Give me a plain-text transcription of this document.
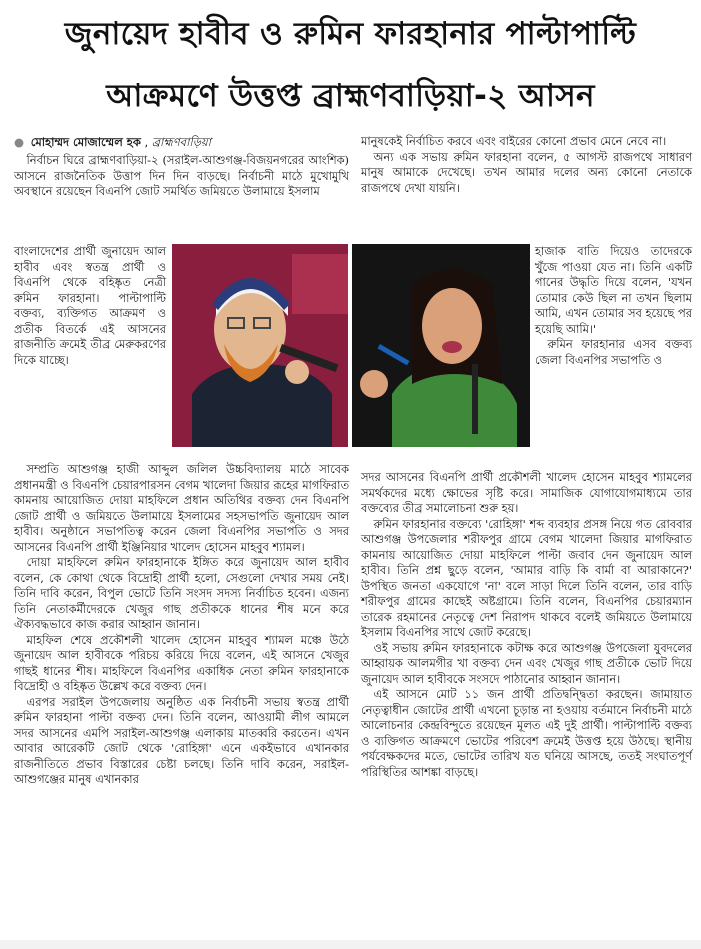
জুনায়েদ হাবীব ও রুমিন ফারহানার পাল্টাপাল্টি
আক্রমণে উত্তপ্ত ব্রাহ্মণবাড়িয়া-২ আসন
● মোহাম্মদ মোজাম্মেল হক , ব্রাহ্মণবাড়িয়া

নির্বাচন ঘিরে ব্রাহ্মণবাড়িয়া-২ (সরাইল-আশুগঞ্জ-বিজয়নগরের আংশিক) আসনে রাজনৈতিক উত্তাপ দিন দিন বাড়ছে। নির্বাচনী মাঠে মুখোমুখি অবস্থানে রয়েছেন বিএনপি জোট সমর্থিত জমিয়তে উলামায়ে ইসলাম

বাংলাদেশের প্রার্থী জুনায়েদ আল হাবীব এবং স্বতন্ত্র প্রার্থী ও বিএনপি থেকে বহিষ্কৃত নেত্রী রুমিন ফারহানা। পাল্টাপাল্টি বক্তব্য, ব্যক্তিগত আক্রমণ ও প্রতীক বিতর্কে এই আসনের রাজনীতি ক্রমেই তীব্র মেরুকরণের দিকে যাচ্ছে।

সম্প্রতি আশুগঞ্জ হাজী আব্দুল জলিল উচ্চবিদ্যালয় মাঠে সাবেক প্রধানমন্ত্রী ও বিএনপি চেয়ারপারসন বেগম খালেদা জিয়ার রূহের মাগফিরাত কামনায় আয়োজিত দোয়া মাহফিলে প্রধান অতিথির বক্তব্য দেন বিএনপি জোট প্রার্থী ও জমিয়তে উলামায়ে ইসলামের সহসভাপতি জুনায়েদ আল হাবীব। অনুষ্ঠানে সভাপতিত্ব করেন জেলা বিএনপির সভাপতি ও সদর আসনের বিএনপি প্রার্থী ইঞ্জিনিয়ার খালেদ হোসেন মাহবুব শ্যামল।

দোয়া মাহফিলে রুমিন ফারহানাকে ইঙ্গিত করে জুনায়েদ আল হাবীব বলেন, কে কোথা থেকে বিদ্রোহী প্রার্থী হলো, সেগুলো দেখার সময় নেই। তিনি দাবি করেন, বিপুল ভোটে তিনি সংসদ সদস্য নির্বাচিত হবেন। এজন্য তিনি নেতাকর্মীদেরকে খেজুর গাছ প্রতীককে ধানের শীষ মনে করে ঐক্যবদ্ধভাবে কাজ করার আহ্বান জানান।

মাহফিল শেষে প্রকৌশলী খালেদ হোসেন মাহবুব শ্যামল মঞ্চে উঠে জুনায়েদ আল হাবীবকে পরিচয় করিয়ে দিয়ে বলেন, এই আসনে খেজুর গাছই ধানের শীষ। মাহফিলে বিএনপির একাধিক নেতা রুমিন ফারহানাকে বিদ্রোহী ও বহিষ্কৃত উল্লেখ করে বক্তব্য দেন।

এরপর সরাইল উপজেলায় অনুষ্ঠিত এক নির্বাচনী সভায় স্বতন্ত্র প্রার্থী রুমিন ফারহানা পাল্টা বক্তব্য দেন। তিনি বলেন, আওয়ামী লীগ আমলে সদর আসনের এমপি সরাইল-আশুগঞ্জ এলাকায় মাতব্বরি করতেন। এখন আবার আরেকটি জোট থেকে 'রোহিঙ্গা' এনে একইভাবে এখানকার রাজনীতিতে প্রভাব বিস্তারের চেষ্টা চলছে। তিনি দাবি করেন, সরাইল-আশুগঞ্জের মানুষ এখানকার

মানুষকেই নির্বাচিত করবে এবং বাইরের কোনো প্রভাব মেনে নেবে না।

অন্য এক সভায় রুমিন ফারহানা বলেন, ৫ আগস্ট রাজপথে সাধারণ মানুষ আমাকে দেখেছে। তখন আমার দলের অন্য কোনো নেতাকে রাজপথে দেখা যায়নি।

হাজাক বাতি দিয়েও তাদেরকে খুঁজে পাওয়া যেত না। তিনি একটি গানের উদ্ধৃতি দিয়ে বলেন, 'যখন তোমার কেউ ছিল না তখন ছিলাম আমি, এখন তোমার সব হয়েছে পর হয়েছি আমি।'

রুমিন ফারহানার এসব বক্তব্য জেলা বিএনপির সভাপতি ও

সদর আসনের বিএনপি প্রার্থী প্রকৌশলী খালেদ হোসেন মাহবুব শ্যামলের সমর্থকদের মধ্যে ক্ষোভের সৃষ্টি করে। সামাজিক যোগাযোগমাধ্যমে তার বক্তব্যের তীব্র সমালোচনা শুরু হয়।

রুমিন ফারহানার বক্তব্যে 'রোহিঙ্গা' শব্দ ব্যবহার প্রসঙ্গ নিয়ে গত রোববার আশুগঞ্জ উপজেলার শরীফপুর গ্রামে বেগম খালেদা জিয়ার মাগফিরাত কামনায় আয়োজিত দোয়া মাহফিলে পাল্টা জবাব দেন জুনায়েদ আল হাবীব। তিনি প্রশ্ন ছুড়ে বলেন, 'আমার বাড়ি কি বার্মা বা আরাকানে?' উপস্থিত জনতা একযোগে 'না' বলে সাড়া দিলে তিনি বলেন, তার বাড়ি শরীফপুর গ্রামের কাছেই অষ্টগ্রামে। তিনি বলেন, বিএনপির চেয়ারম্যান তারেক রহমানের নেতৃত্বে দেশ নিরাপদ থাকবে বলেই জমিয়তে উলামায়ে ইসলাম বিএনপির সাথে জোট করেছে।

ওই সভায় রুমিন ফারহানাকে কটাক্ষ করে আশুগঞ্জ উপজেলা যুবদলের আহ্বায়ক আলমগীর খা বক্তব্য দেন এবং খেজুর গাছ প্রতীকে ভোট দিয়ে জুনায়েদ আল হাবীবকে সংসদে পাঠানোর আহ্বান জানান।

এই আসনে মোট ১১ জন প্রার্থী প্রতিদ্বন্দ্বিতা করছেন। জামায়াত নেতৃত্বাধীন জোটের প্রার্থী এখনো চূড়ান্ত না হওয়ায় বর্তমানে নির্বাচনী মাঠে আলোচনার কেন্দ্রবিন্দুতে রয়েছেন মূলত এই দুই প্রার্থী। পাল্টাপাল্টি বক্তব্য ও ব্যক্তিগত আক্রমণে ভোটের পরিবেশ ক্রমেই উত্তপ্ত হয়ে উঠছে। স্থানীয় পর্যবেক্ষকদের মতে, ভোটের তারিখ যত ঘনিয়ে আসছে, ততই সংঘাতপূর্ণ পরিস্থিতির আশঙ্কা বাড়ছে।
